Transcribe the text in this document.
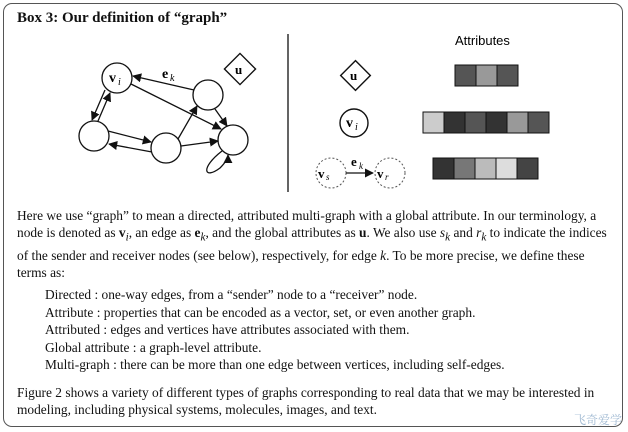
Box 3: Our definition of “graph”
v i
e k
u
Attributes
u
v i
v s	v r
e k

Here we use “graph” to mean a directed, attributed multi-graph with a global attribute. In our terminology, a node is denoted as $v_i$, an edge as $e_k$, and the global attributes as u. We also use $s_k$ and $r_k$ to indicate the indices of the sender and receiver nodes (see below), respectively, for edge k. To be more precise, we define these terms as:

Directed : one-way edges, from a “sender” node to a “receiver” node.
Attribute : properties that can be encoded as a vector, set, or even another graph.
Attributed : edges and vertices have attributes associated with them.
Global attribute : a graph-level attribute.
Multi-graph : there can be more than one edge between vertices, including self-edges.

Figure 2 shows a variety of different types of graphs corresponding to real data that we may be interested in modeling, including physical systems, molecules, images, and text.

飞奇爱学
